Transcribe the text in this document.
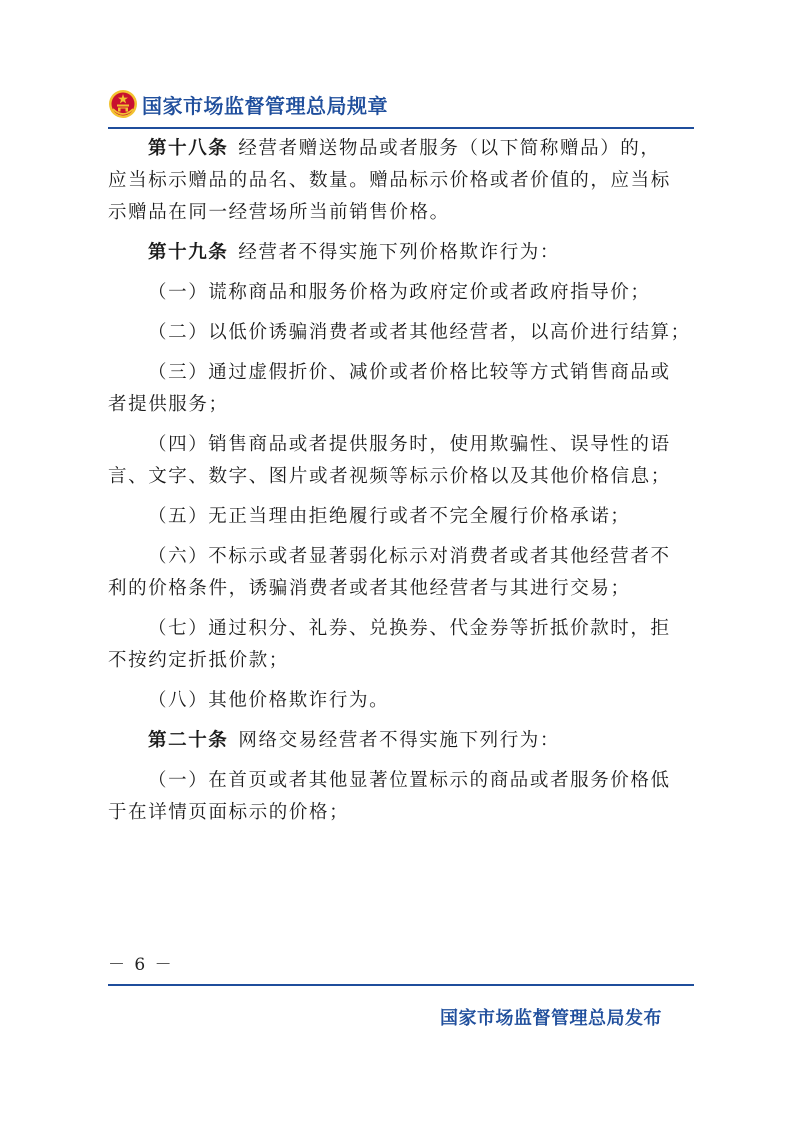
国家市场监督管理总局规章
第十八条 经营者赠送物品或者服务（以下简称赠品）的，
应当标示赠品的品名、数量。赠品标示价格或者价值的，应当标
示赠品在同一经营场所当前销售价格。
第十九条 经营者不得实施下列价格欺诈行为：
（一）谎称商品和服务价格为政府定价或者政府指导价；
（二）以低价诱骗消费者或者其他经营者，以高价进行结算；
（三）通过虚假折价、减价或者价格比较等方式销售商品或
者提供服务；
（四）销售商品或者提供服务时，使用欺骗性、误导性的语
言、文字、数字、图片或者视频等标示价格以及其他价格信息；
（五）无正当理由拒绝履行或者不完全履行价格承诺；
（六）不标示或者显著弱化标示对消费者或者其他经营者不
利的价格条件，诱骗消费者或者其他经营者与其进行交易；
（七）通过积分、礼券、兑换券、代金券等折抵价款时，拒
不按约定折抵价款；
（八）其他价格欺诈行为。
第二十条 网络交易经营者不得实施下列行为：
（一）在首页或者其他显著位置标示的商品或者服务价格低
于在详情页面标示的价格；
－ 6 －
国家市场监督管理总局发布
